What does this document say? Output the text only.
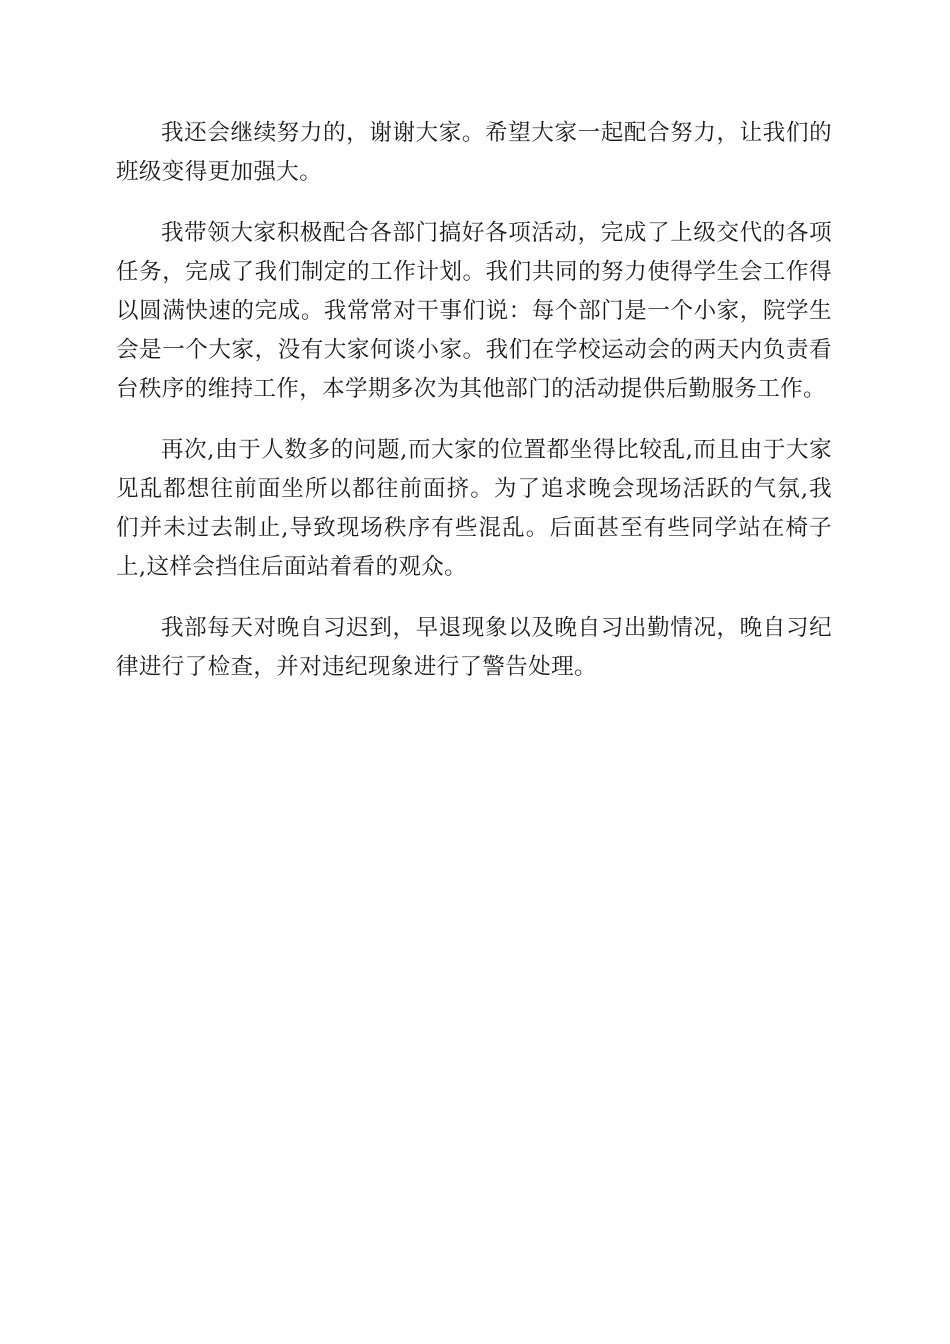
我还会继续努力的，谢谢大家。希望大家一起配合努力，让我们的班级变得更加强大。

我带领大家积极配合各部门搞好各项活动，完成了上级交代的各项任务，完成了我们制定的工作计划。我们共同的努力使得学生会工作得以圆满快速的完成。我常常对干事们说：每个部门是一个小家，院学生会是一个大家，没有大家何谈小家。我们在学校运动会的两天内负责看台秩序的维持工作，本学期多次为其他部门的活动提供后勤服务工作。

再次,由于人数多的问题,而大家的位置都坐得比较乱,而且由于大家见乱都想往前面坐所以都往前面挤。为了追求晚会现场活跃的气氛,我们并未过去制止,导致现场秩序有些混乱。后面甚至有些同学站在椅子上,这样会挡住后面站着看的观众。

我部每天对晚自习迟到，早退现象以及晚自习出勤情况，晚自习纪律进行了检查，并对违纪现象进行了警告处理。
